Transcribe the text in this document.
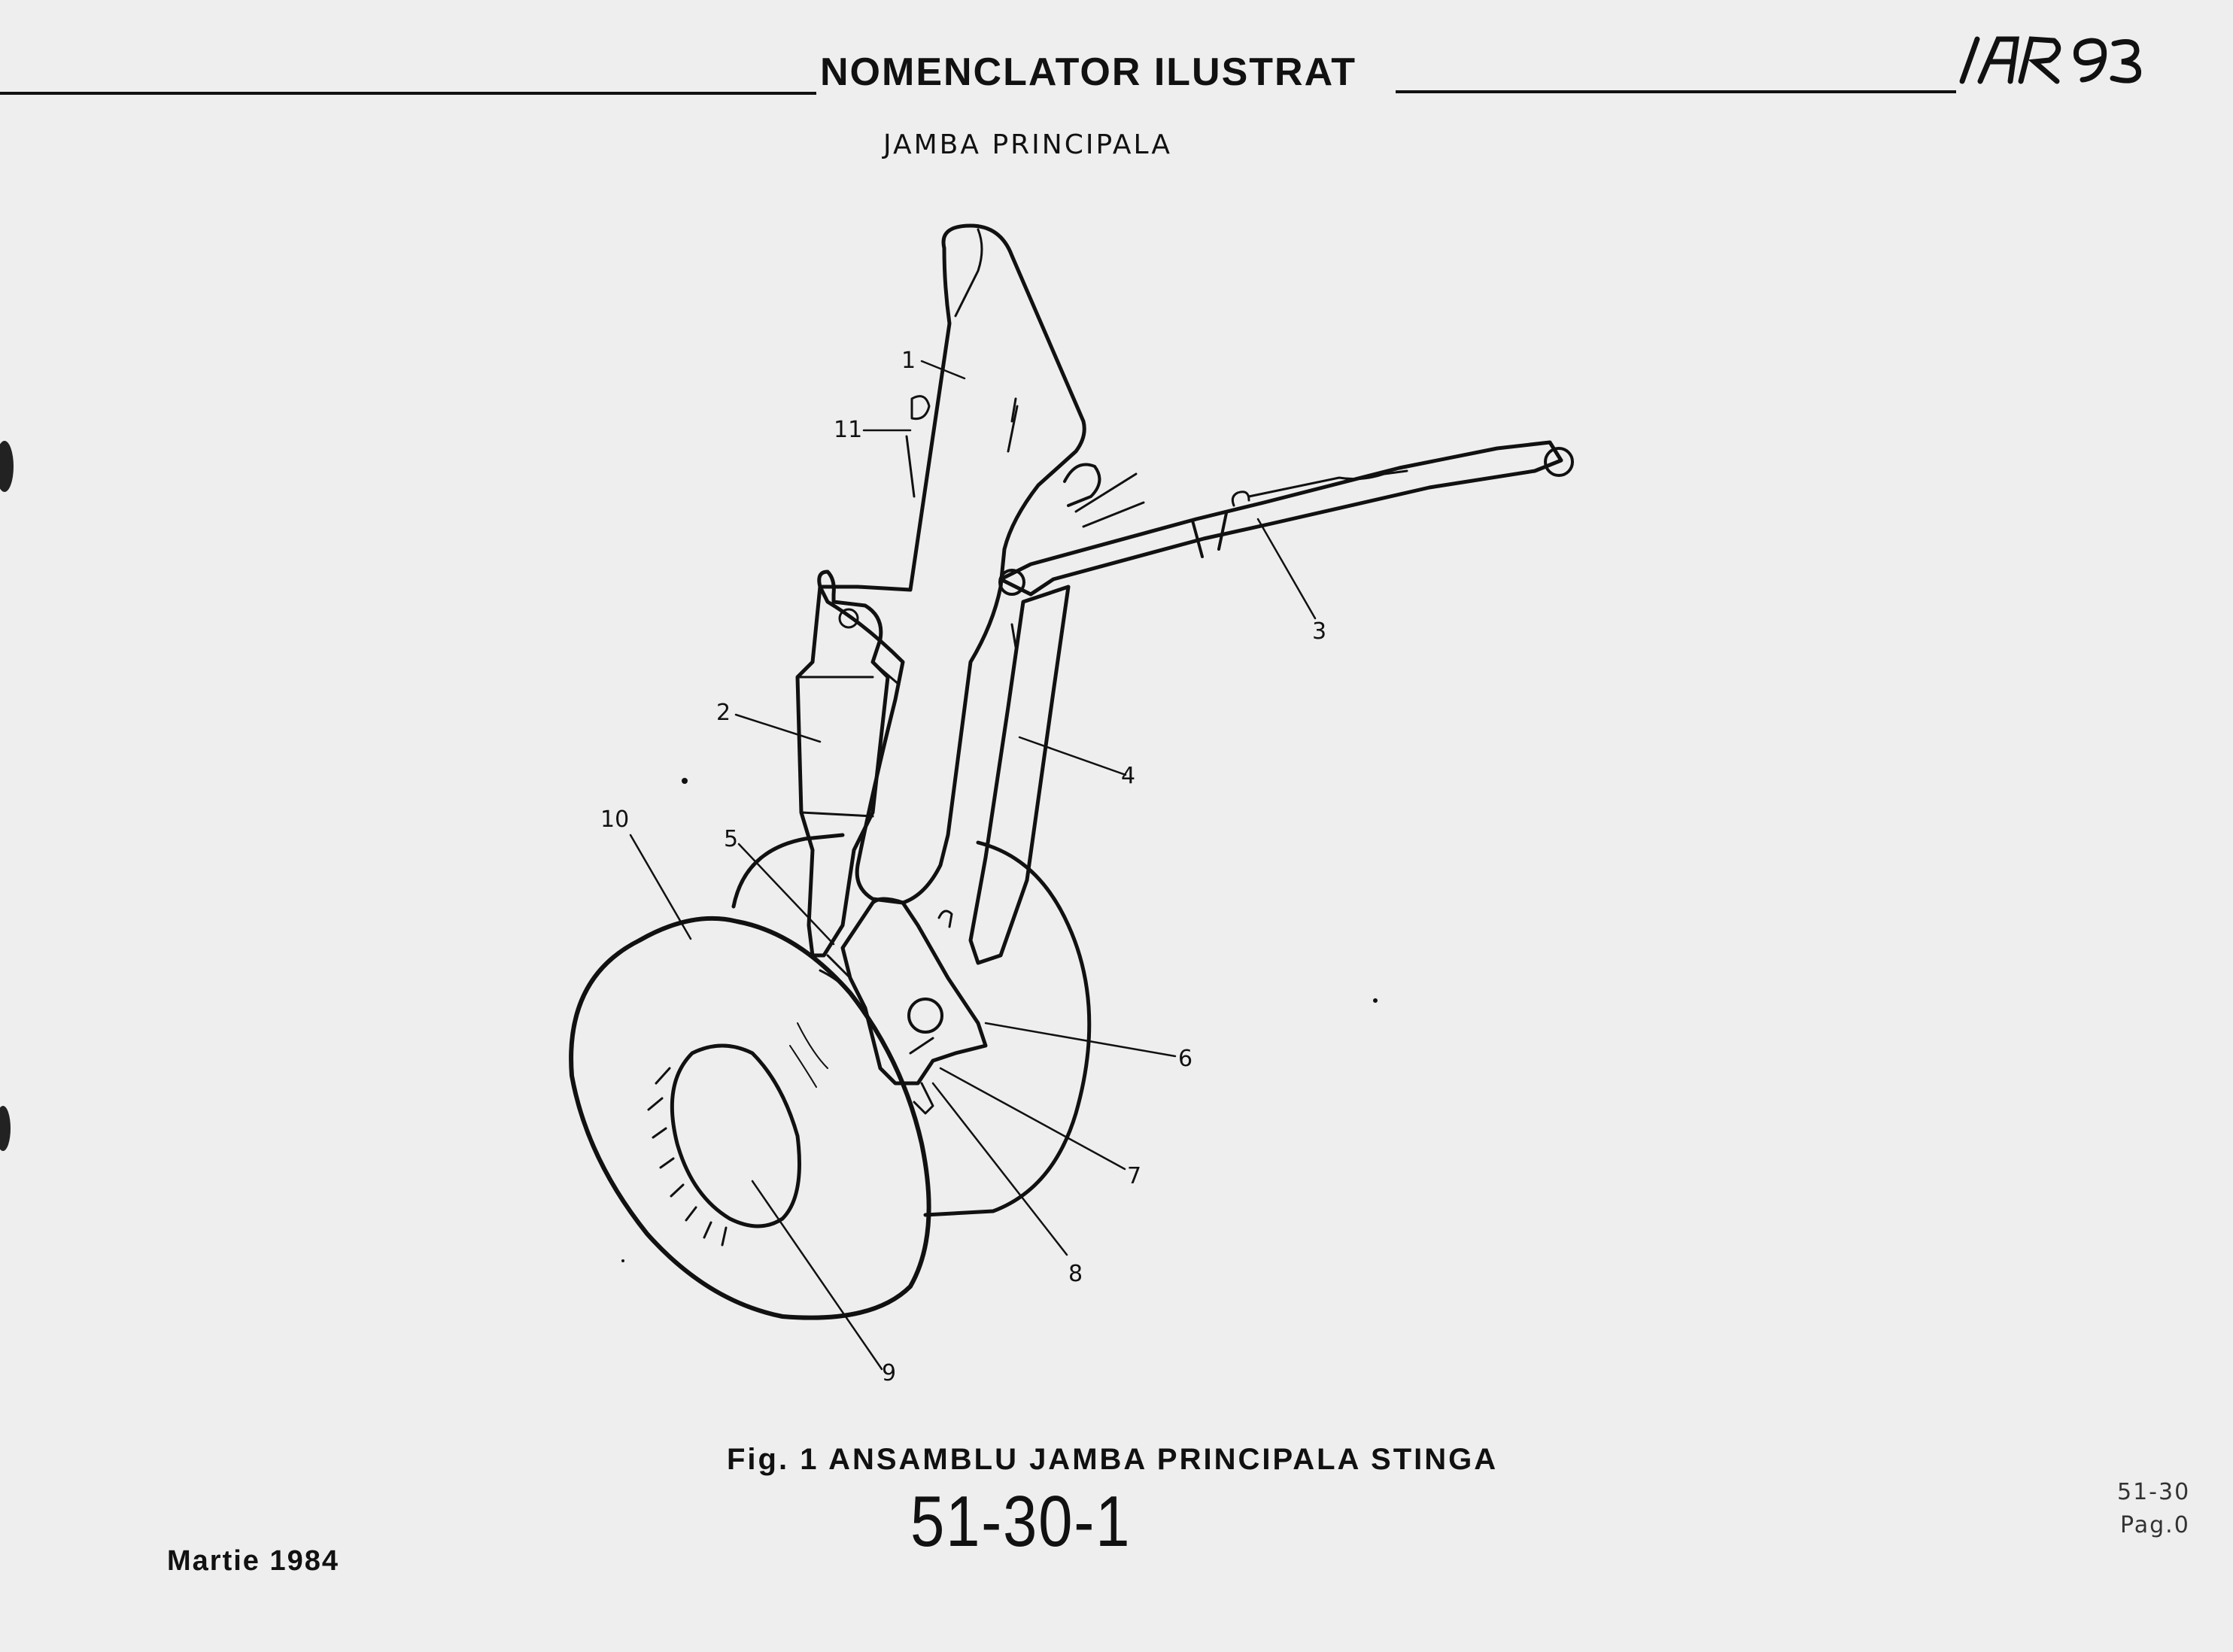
NOMENCLATOR ILUSTRAT
JAMBA PRINCIPALA
1
11
2
3
4
10
5
6
7
8
9
Fig. 1 ANSAMBLU JAMBA PRINCIPALA STINGA
51-30-1
Martie 1984
51-30
Pag.0
